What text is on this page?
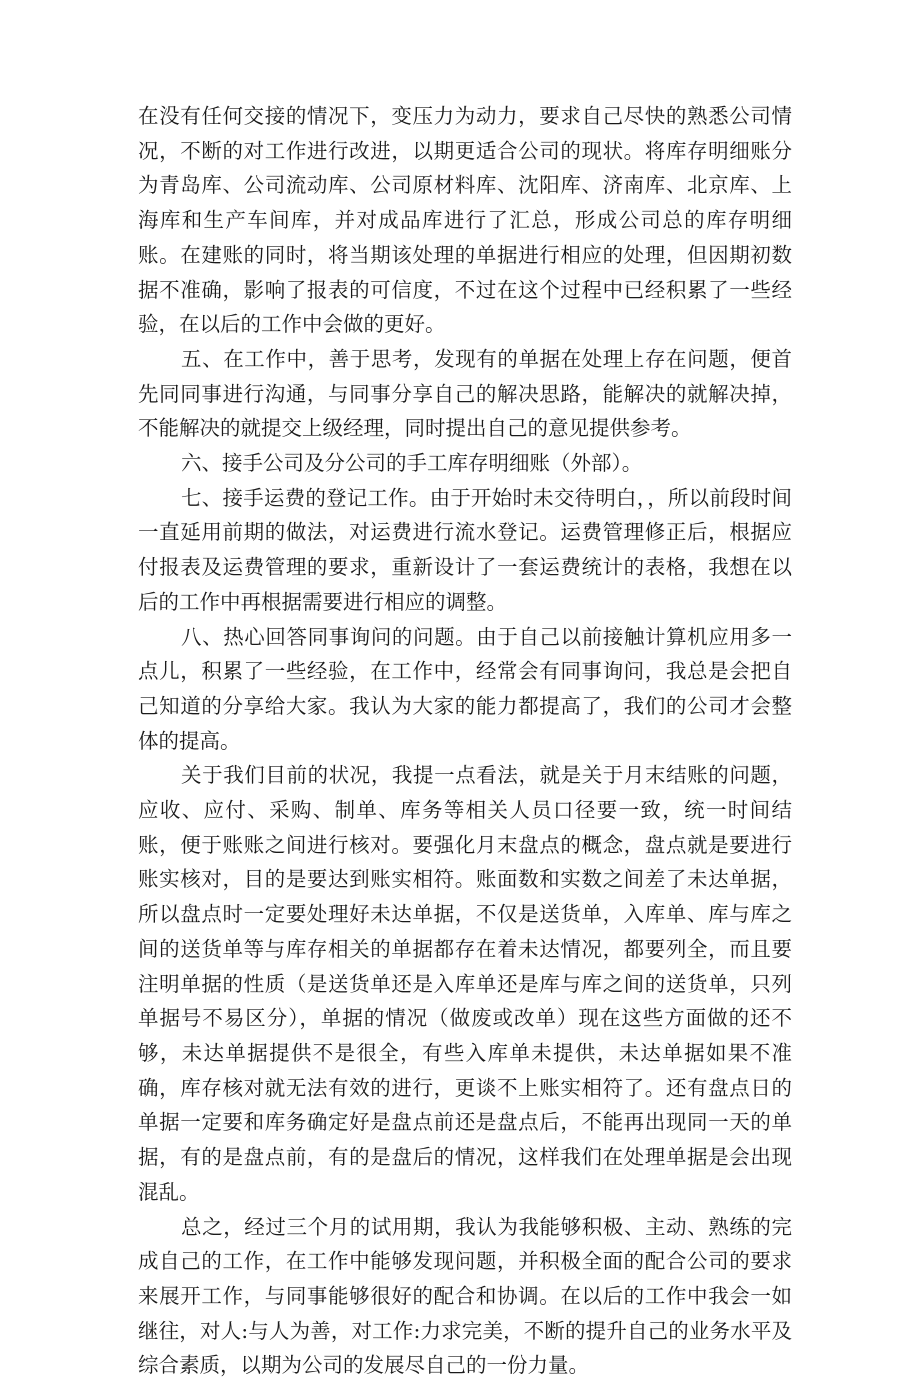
在没有任何交接的情况下，变压力为动力，要求自己尽快的熟悉公司情况，不断的对工作进行改进，以期更适合公司的现状。将库存明细账分为青岛库、公司流动库、公司原材料库、沈阳库、济南库、北京库、上海库和生产车间库，并对成品库进行了汇总，形成公司总的库存明细账。在建账的同时，将当期该处理的单据进行相应的处理，但因期初数据不准确，影响了报表的可信度，不过在这个过程中已经积累了一些经验，在以后的工作中会做的更好。

五、在工作中，善于思考，发现有的单据在处理上存在问题，便首先同同事进行沟通，与同事分享自己的解决思路，能解决的就解决掉，不能解决的就提交上级经理，同时提出自己的意见提供参考。

六、接手公司及分公司的手工库存明细账（外部）。

七、接手运费的登记工作。由于开始时未交待明白，，所以前段时间一直延用前期的做法，对运费进行流水登记。运费管理修正后，根据应付报表及运费管理的要求，重新设计了一套运费统计的表格，我想在以后的工作中再根据需要进行相应的调整。

八、热心回答同事询问的问题。由于自己以前接触计算机应用多一点儿，积累了一些经验，在工作中，经常会有同事询问，我总是会把自己知道的分享给大家。我认为大家的能力都提高了，我们的公司才会整体的提高。

关于我们目前的状况，我提一点看法，就是关于月末结账的问题，应收、应付、采购、制单、库务等相关人员口径要一致，统一时间结账，便于账账之间进行核对。要强化月末盘点的概念，盘点就是要进行账实核对，目的是要达到账实相符。账面数和实数之间差了未达单据，所以盘点时一定要处理好未达单据，不仅是送货单，入库单、库与库之间的送货单等与库存相关的单据都存在着未达情况，都要列全，而且要注明单据的性质（是送货单还是入库单还是库与库之间的送货单，只列单据号不易区分），单据的情况（做废或改单）现在这些方面做的还不够，未达单据提供不是很全，有些入库单未提供，未达单据如果不准确，库存核对就无法有效的进行，更谈不上账实相符了。还有盘点日的单据一定要和库务确定好是盘点前还是盘点后，不能再出现同一天的单据，有的是盘点前，有的是盘后的情况，这样我们在处理单据是会出现混乱。

总之，经过三个月的试用期，我认为我能够积极、主动、熟练的完成自己的工作，在工作中能够发现问题，并积极全面的配合公司的要求来展开工作，与同事能够很好的配合和协调。在以后的工作中我会一如继往，对人:与人为善，对工作:力求完美，不断的提升自己的业务水平及综合素质，以期为公司的发展尽自己的一份力量。
